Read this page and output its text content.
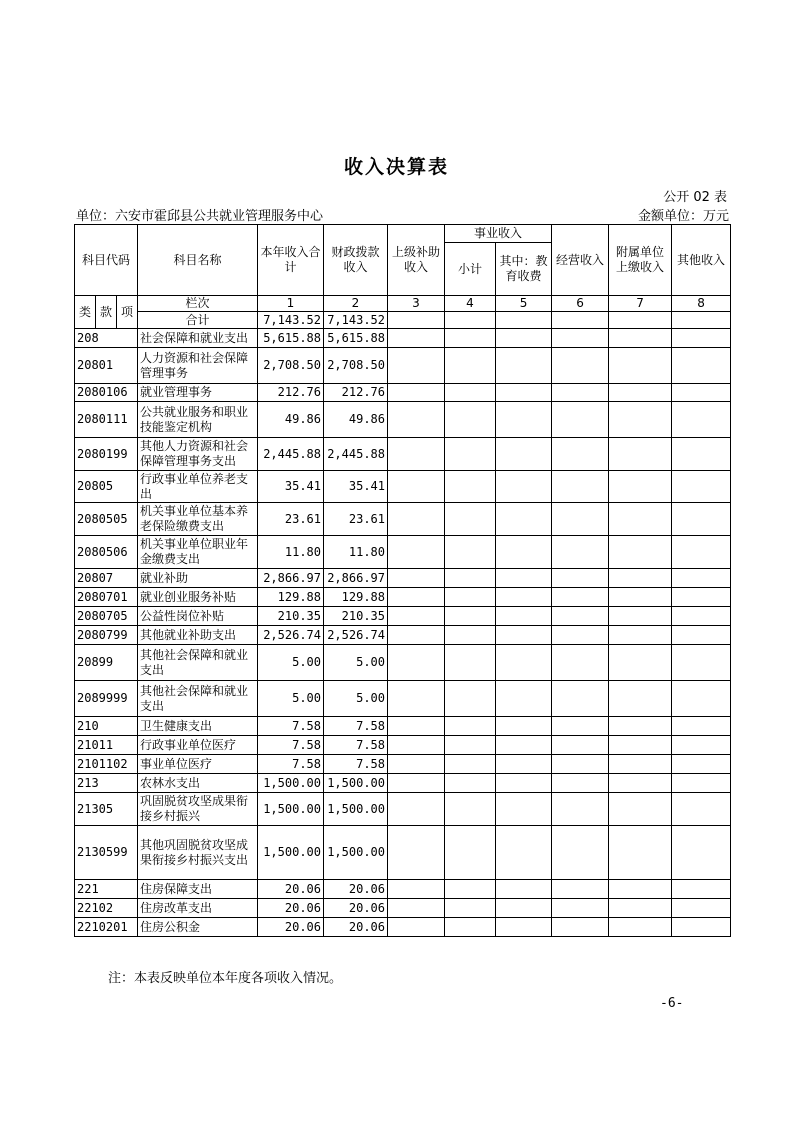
收入决算表
公开 02 表
单位：六安市霍邱县公共就业管理服务中心	金额单位：万元
科目代码			科目名称	本年收入合计	财政拨款收入	上级补助收入	事业收入		经营收入	附属单位上缴收入	其他收入
							小计	其中：教育收费			
类	款	项	栏次	1	2	3	4	5	6	7	8
			合计	7,143.52	7,143.52						
208			社会保障和就业支出	5,615.88	5,615.88						
20801			人力资源和社会保障管理事务	2,708.50	2,708.50						
2080106			就业管理事务	212.76	212.76						
2080111			公共就业服务和职业技能鉴定机构	49.86	49.86						
2080199			其他人力资源和社会保障管理事务支出	2,445.88	2,445.88						
20805			行政事业单位养老支出	35.41	35.41						
2080505			机关事业单位基本养老保险缴费支出	23.61	23.61						
2080506			机关事业单位职业年金缴费支出	11.80	11.80						
20807			就业补助	2,866.97	2,866.97						
2080701			就业创业服务补贴	129.88	129.88						
2080705			公益性岗位补贴	210.35	210.35						
2080799			其他就业补助支出	2,526.74	2,526.74						
20899			其他社会保障和就业支出	5.00	5.00						
2089999			其他社会保障和就业支出	5.00	5.00						
210			卫生健康支出	7.58	7.58						
21011			行政事业单位医疗	7.58	7.58						
2101102			事业单位医疗	7.58	7.58						
213			农林水支出	1,500.00	1,500.00						
21305			巩固脱贫攻坚成果衔接乡村振兴	1,500.00	1,500.00						
2130599			其他巩固脱贫攻坚成果衔接乡村振兴支出	1,500.00	1,500.00						
221			住房保障支出	20.06	20.06						
22102			住房改革支出	20.06	20.06						
2210201			住房公积金	20.06	20.06						
注：本表反映单位本年度各项收入情况。
-6-
